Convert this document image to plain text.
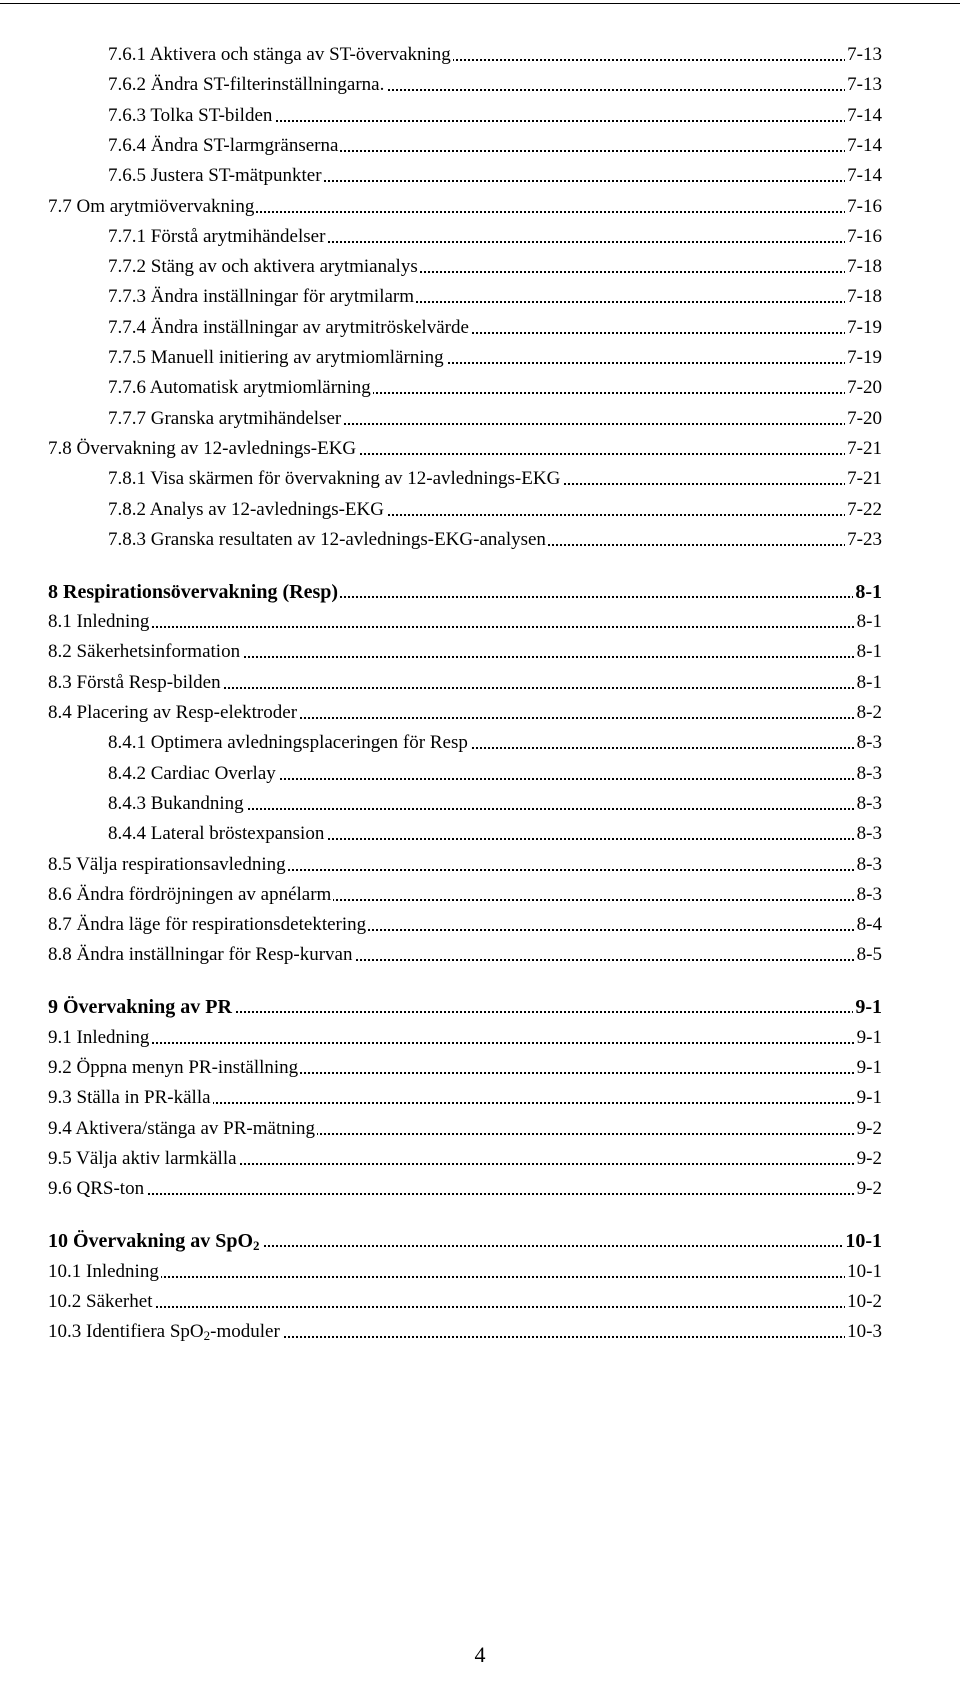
7.6.1 Aktivera och stänga av ST-övervakning	7-13
7.6.2 Ändra ST-filterinställningarna.	7-13
7.6.3 Tolka ST-bilden	7-14
7.6.4 Ändra ST-larmgränserna	7-14
7.6.5 Justera ST-mätpunkter	7-14
7.7 Om arytmiövervakning	7-16
7.7.1 Förstå arytmihändelser	7-16
7.7.2 Stäng av och aktivera arytmianalys	7-18
7.7.3 Ändra inställningar för arytmilarm	7-18
7.7.4 Ändra inställningar av arytmitröskelvärde	7-19
7.7.5 Manuell initiering av arytmiomlärning	7-19
7.7.6 Automatisk arytmiomlärning	7-20
7.7.7 Granska arytmihändelser	7-20
7.8 Övervakning av 12-avlednings-EKG	7-21
7.8.1 Visa skärmen för övervakning av 12-avlednings-EKG	7-21
7.8.2 Analys av 12-avlednings-EKG	7-22
7.8.3 Granska resultaten av 12-avlednings-EKG-analysen	7-23
8 Respirationsövervakning (Resp)	8-1
8.1 Inledning	8-1
8.2 Säkerhetsinformation	8-1
8.3 Förstå Resp-bilden	8-1
8.4 Placering av Resp-elektroder	8-2
8.4.1 Optimera avledningsplaceringen för Resp	8-3
8.4.2 Cardiac Overlay	8-3
8.4.3 Bukandning	8-3
8.4.4 Lateral bröstexpansion	8-3
8.5 Välja respirationsavledning	8-3
8.6 Ändra fördröjningen av apnélarm	8-3
8.7 Ändra läge för respirationsdetektering	8-4
8.8 Ändra inställningar för Resp-kurvan	8-5
9 Övervakning av PR	9-1
9.1 Inledning	9-1
9.2 Öppna menyn PR-inställning	9-1
9.3 Ställa in PR-källa	9-1
9.4 Aktivera/stänga av PR-mätning	9-2
9.5 Välja aktiv larmkälla	9-2
9.6 QRS-ton	9-2
10 Övervakning av SpO$_2$	10-1
10.1 Inledning	10-1
10.2 Säkerhet	10-2
10.3 Identifiera SpO$_2$-moduler	10-3
4
